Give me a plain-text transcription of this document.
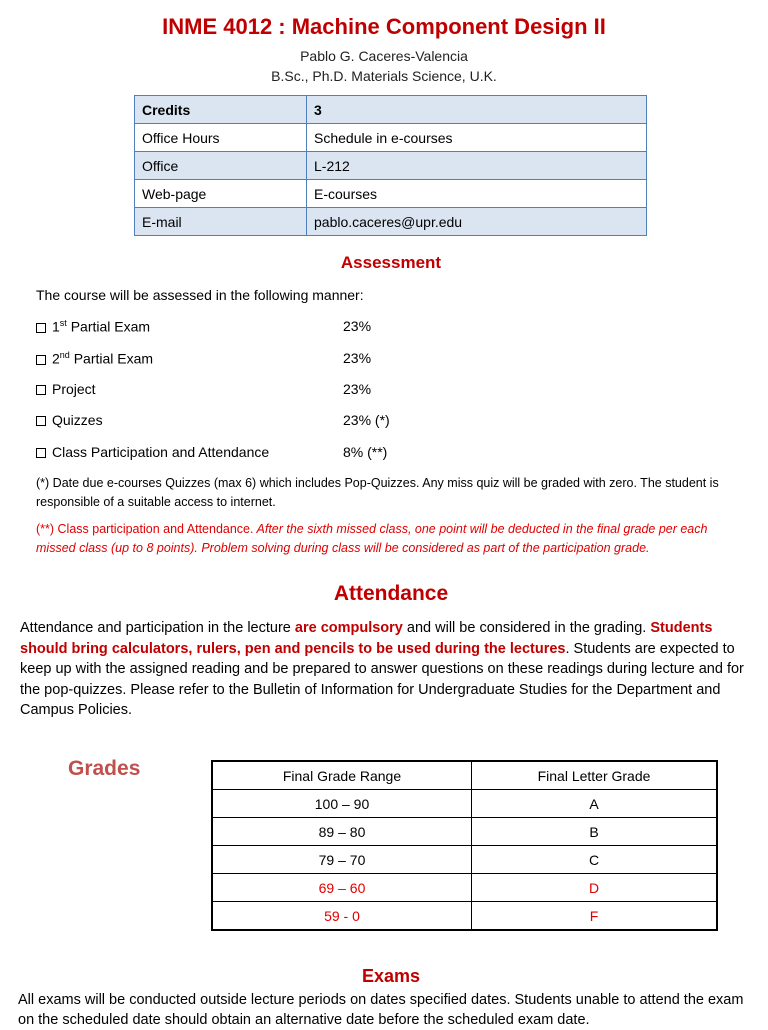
INME 4012 : Machine Component Design II
Pablo G. Caceres-Valencia
B.Sc., Ph.D. Materials Science, U.K.
Credits	3
Office Hours	Schedule in e-courses
Office	L-212
Web-page	E-courses
E-mail	pablo.caceres@upr.edu
Assessment
The course will be assessed in the following manner:
1st Partial Exam	23%
2nd Partial Exam	23%
Project	23%
Quizzes	23% (*)
Class Participation and Attendance	8% (**)
(*) Date due e-courses Quizzes (max 6) which includes Pop-Quizzes. Any miss quiz will be graded with zero. The student is responsible of a suitable access to internet.
(**) Class participation and Attendance. After the sixth missed class, one point will be deducted in the final grade per each missed class (up to 8 points). Problem solving during class will be considered as part of the participation grade.
Attendance
Attendance and participation in the lecture are compulsory and will be considered in the grading. Students should bring calculators, rulers, pen and pencils to be used during the lectures. Students are expected to keep up with the assigned reading and be prepared to answer questions on these readings during lecture and for the pop-quizzes. Please refer to the Bulletin of Information for Undergraduate Studies for the Department and Campus Policies.
Grades	Final Grade Range	Final Letter Grade
100 – 90	A
89 – 80	B
79 – 70	C
69 – 60	D
59 - 0	F
Exams
All exams will be conducted outside lecture periods on dates specified dates. Students unable to attend the exam on the scheduled date should obtain an alternative date before the scheduled exam date.
